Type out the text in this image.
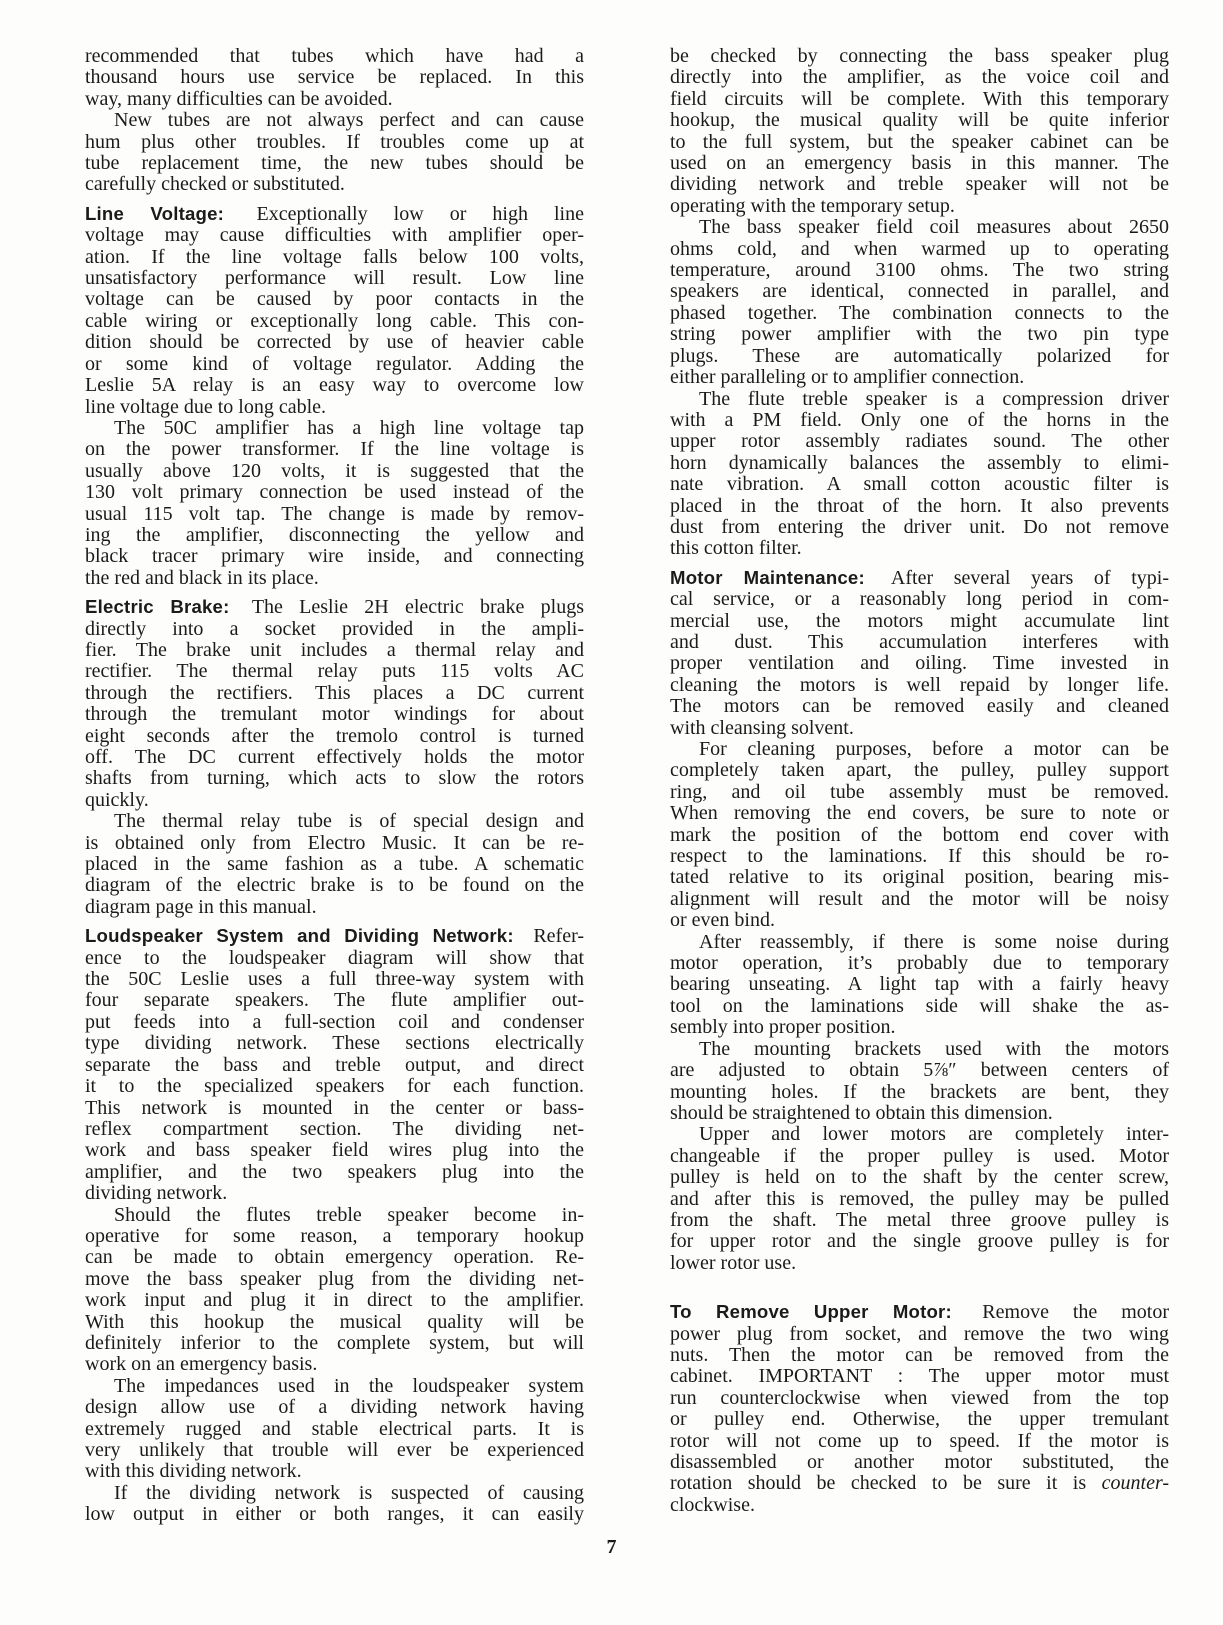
recommended that tubes which have had a
thousand hours use service be replaced. In this
way, many difficulties can be avoided.
New tubes are not always perfect and can cause
hum plus other troubles. If troubles come up at
tube replacement time, the new tubes should be
carefully checked or substituted.
Line Voltage: Exceptionally low or high line
voltage may cause difficulties with amplifier oper-
ation. If the line voltage falls below 100 volts,
unsatisfactory performance will result. Low line
voltage can be caused by poor contacts in the
cable wiring or exceptionally long cable. This con-
dition should be corrected by use of heavier cable
or some kind of voltage regulator. Adding the
Leslie 5A relay is an easy way to overcome low
line voltage due to long cable.
The 50C amplifier has a high line voltage tap
on the power transformer. If the line voltage is
usually above 120 volts, it is suggested that the
130 volt primary connection be used instead of the
usual 115 volt tap. The change is made by remov-
ing the amplifier, disconnecting the yellow and
black tracer primary wire inside, and connecting
the red and black in its place.
Electric Brake: The Leslie 2H electric brake plugs
directly into a socket provided in the ampli-
fier. The brake unit includes a thermal relay and
rectifier. The thermal relay puts 115 volts AC
through the rectifiers. This places a DC current
through the tremulant motor windings for about
eight seconds after the tremolo control is turned
off. The DC current effectively holds the motor
shafts from turning, which acts to slow the rotors
quickly.
The thermal relay tube is of special design and
is obtained only from Electro Music. It can be re-
placed in the same fashion as a tube. A schematic
diagram of the electric brake is to be found on the
diagram page in this manual.
Loudspeaker System and Dividing Network: Refer-
ence to the loudspeaker diagram will show that
the 50C Leslie uses a full three-way system with
four separate speakers. The flute amplifier out-
put feeds into a full-section coil and condenser
type dividing network. These sections electrically
separate the bass and treble output, and direct
it to the specialized speakers for each function.
This network is mounted in the center or bass-
reflex compartment section. The dividing net-
work and bass speaker field wires plug into the
amplifier, and the two speakers plug into the
dividing network.
Should the flutes treble speaker become in-
operative for some reason, a temporary hookup
can be made to obtain emergency operation. Re-
move the bass speaker plug from the dividing net-
work input and plug it in direct to the amplifier.
With this hookup the musical quality will be
definitely inferior to the complete system, but will
work on an emergency basis.
The impedances used in the loudspeaker system
design allow use of a dividing network having
extremely rugged and stable electrical parts. It is
very unlikely that trouble will ever be experienced
with this dividing network.
If the dividing network is suspected of causing
low output in either or both ranges, it can easily
be checked by connecting the bass speaker plug
directly into the amplifier, as the voice coil and
field circuits will be complete. With this temporary
hookup, the musical quality will be quite inferior
to the full system, but the speaker cabinet can be
used on an emergency basis in this manner. The
dividing network and treble speaker will not be
operating with the temporary setup.
The bass speaker field coil measures about 2650
ohms cold, and when warmed up to operating
temperature, around 3100 ohms. The two string
speakers are identical, connected in parallel, and
phased together. The combination connects to the
string power amplifier with the two pin type
plugs. These are automatically polarized for
either paralleling or to amplifier connection.
The flute treble speaker is a compression driver
with a PM field. Only one of the horns in the
upper rotor assembly radiates sound. The other
horn dynamically balances the assembly to elimi-
nate vibration. A small cotton acoustic filter is
placed in the throat of the horn. It also prevents
dust from entering the driver unit. Do not remove
this cotton filter.
Motor Maintenance: After several years of typi-
cal service, or a reasonably long period in com-
mercial use, the motors might accumulate lint
and dust. This accumulation interferes with
proper ventilation and oiling. Time invested in
cleaning the motors is well repaid by longer life.
The motors can be removed easily and cleaned
with cleansing solvent.
For cleaning purposes, before a motor can be
completely taken apart, the pulley, pulley support
ring, and oil tube assembly must be removed.
When removing the end covers, be sure to note or
mark the position of the bottom end cover with
respect to the laminations. If this should be ro-
tated relative to its original position, bearing mis-
alignment will result and the motor will be noisy
or even bind.
After reassembly, if there is some noise during
motor operation, it’s probably due to temporary
bearing unseating. A light tap with a fairly heavy
tool on the laminations side will shake the as-
sembly into proper position.
The mounting brackets used with the motors
are adjusted to obtain 5⅞″ between centers of
mounting holes. If the brackets are bent, they
should be straightened to obtain this dimension.
Upper and lower motors are completely inter-
changeable if the proper pulley is used. Motor
pulley is held on to the shaft by the center screw,
and after this is removed, the pulley may be pulled
from the shaft. The metal three groove pulley is
for upper rotor and the single groove pulley is for
lower rotor use.
To Remove Upper Motor: Remove the motor
power plug from socket, and remove the two wing
nuts. Then the motor can be removed from the
cabinet. IMPORTANT : The upper motor must
run counterclockwise when viewed from the top
or pulley end. Otherwise, the upper tremulant
rotor will not come up to speed. If the motor is
disassembled or another motor substituted, the
rotation should be checked to be sure it is counter-
clockwise.
7
